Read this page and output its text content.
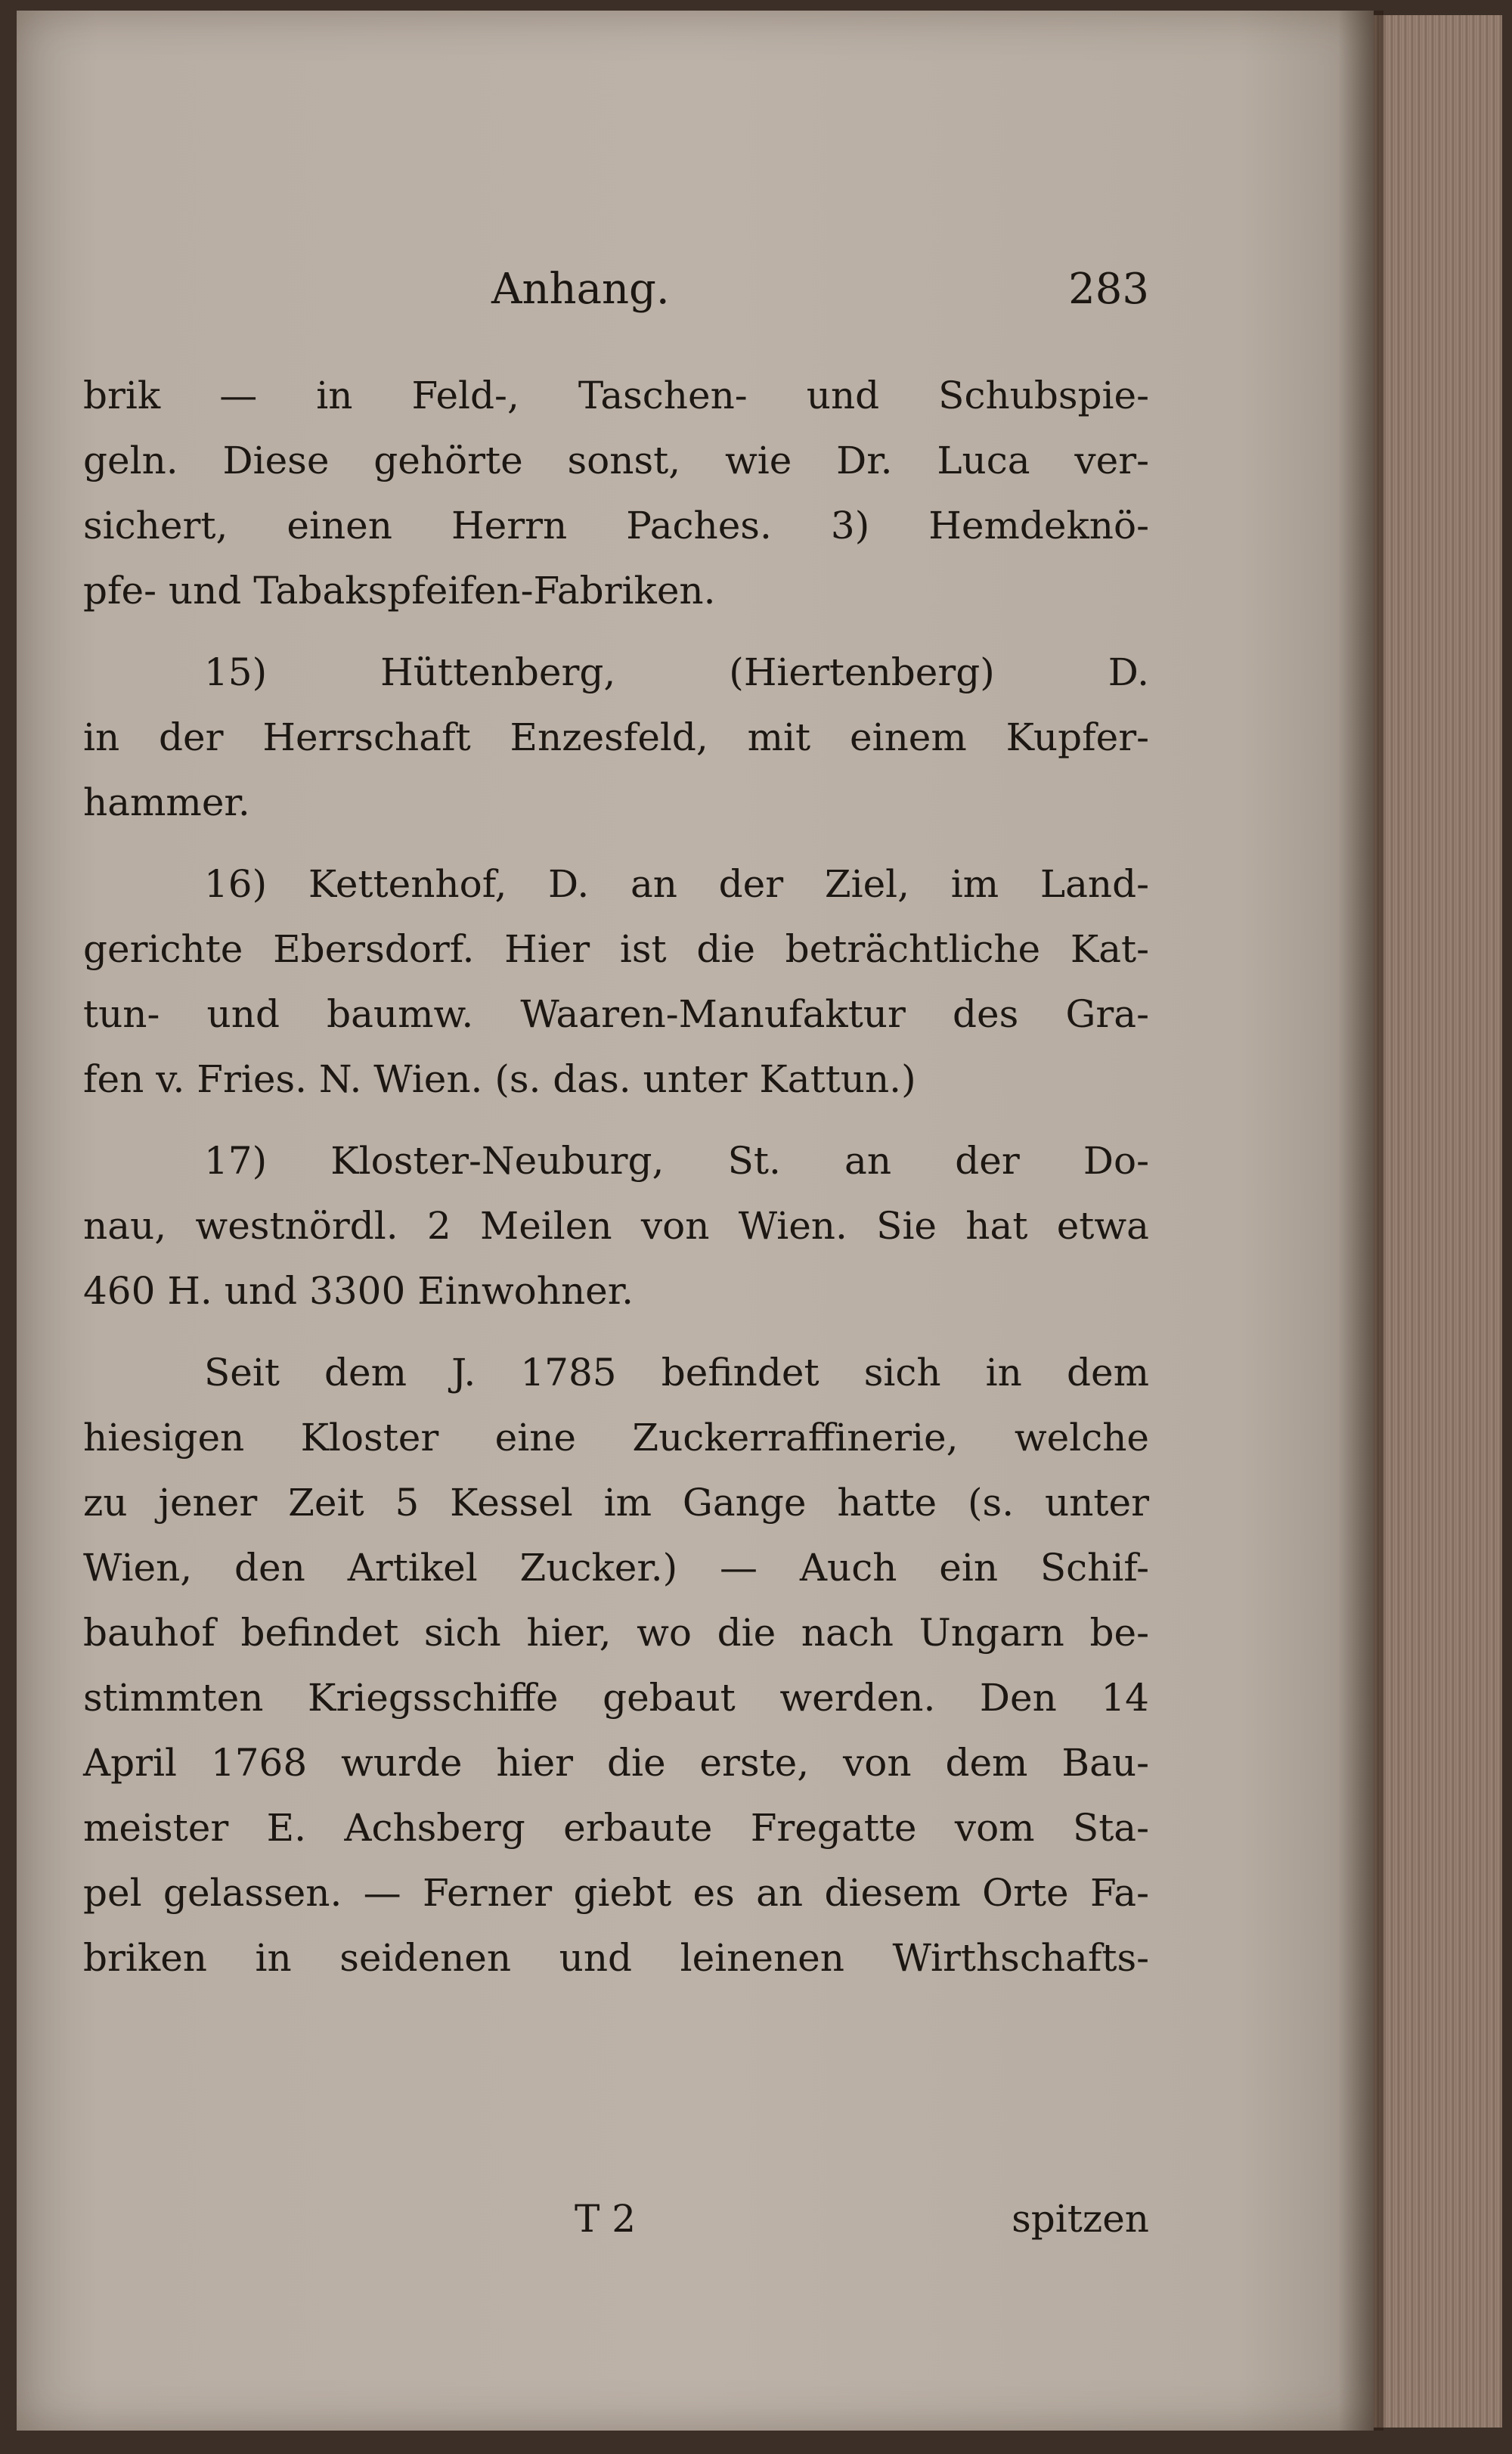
Anhang.	283
brik — in Feld-, Taschen- und Schubspie-
geln. Diese gehörte sonst, wie Dr. Luca ver-
sichert, einen Herrn Paches. 3) Hemdeknö-
pfe- und Tabakspfeifen-Fabriken.
15) Hüttenberg, (Hiertenberg) D.
in der Herrschaft Enzesfeld, mit einem Kupfer-
hammer.
16) Kettenhof, D. an der Ziel, im Land-
gerichte Ebersdorf. Hier ist die beträchtliche Kat-
tun- und baumw. Waaren-Manufaktur des Gra-
fen v. Fries. N. Wien. (s. das. unter Kattun.)
17) Kloster-Neuburg, St. an der Do-
nau, westnördl. 2 Meilen von Wien. Sie hat etwa
460 H. und 3300 Einwohner.
Seit dem J. 1785 befindet sich in dem
hiesigen Kloster eine Zuckerraffinerie, welche
zu jener Zeit 5 Kessel im Gange hatte (s. unter
Wien, den Artikel Zucker.) — Auch ein Schif-
bauhof befindet sich hier, wo die nach Ungarn be-
stimmten Kriegsschiffe gebaut werden. Den 14
April 1768 wurde hier die erste, von dem Bau-
meister E. Achsberg erbaute Fregatte vom Sta-
pel gelassen. — Ferner giebt es an diesem Orte Fa-
briken in seidenen und leinenen Wirthschafts-
T 2	spitzen
